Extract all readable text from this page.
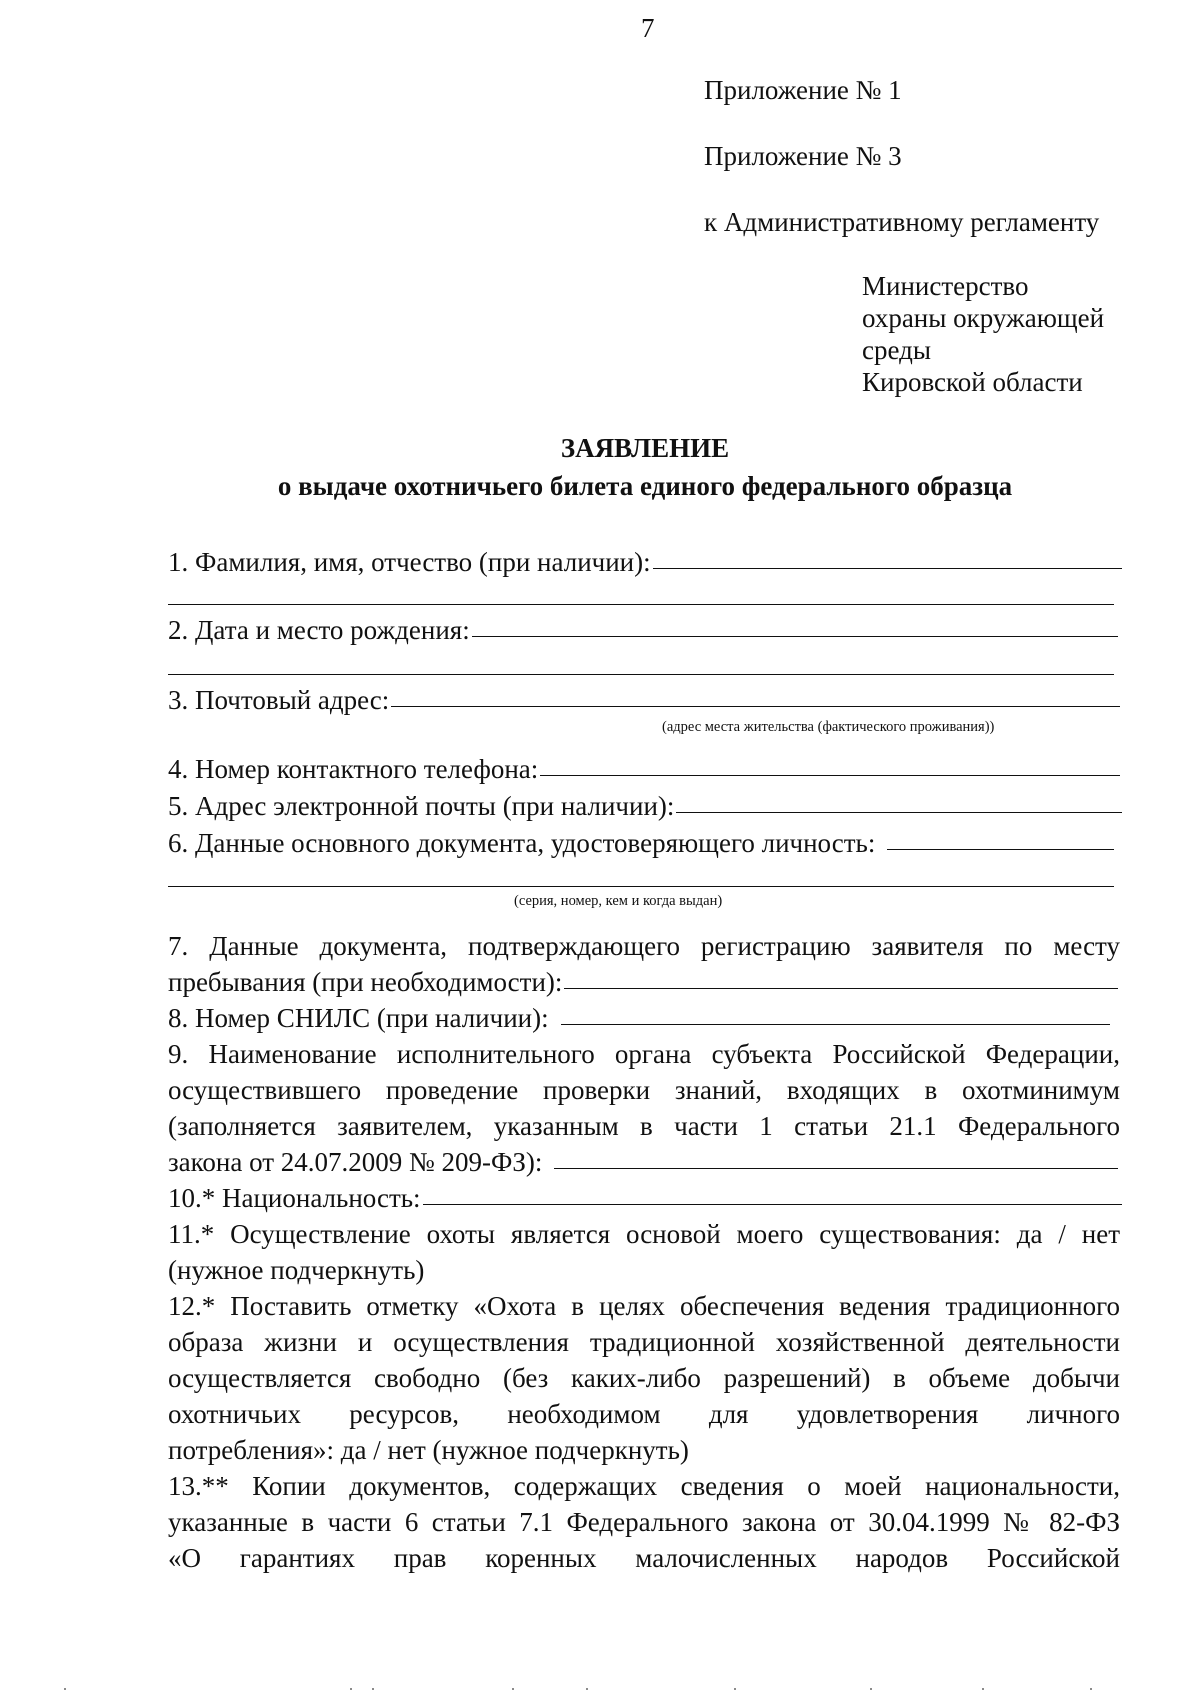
7
Приложение № 1
Приложение № 3
к Административному регламенту
Министерство
охраны окружающей
среды
Кировской области
ЗАЯВЛЕНИЕ
о выдаче охотничьего билета единого федерального образца
1. Фамилия, имя, отчество (при наличии):
2. Дата и место рождения:
3. Почтовый адрес:
(адрес места жительства (фактического проживания))
4. Номер контактного телефона:
5. Адрес электронной почты (при наличии):
6. Данные основного документа, удостоверяющего личность:
(серия, номер, кем и когда выдан)
7. Данные документа, подтверждающего регистрацию заявителя по месту
пребывания (при необходимости):
8. Номер СНИЛС (при наличии):
9. Наименование исполнительного органа субъекта Российской Федерации,
осуществившего проведение проверки знаний, входящих в охотминимум
(заполняется заявителем, указанным в части 1 статьи 21.1 Федерального
закона от 24.07.2009 № 209-ФЗ):
10.* Национальность:
11.* Осуществление охоты является основой моего существования: да / нет
(нужное подчеркнуть)
12.* Поставить отметку «Охота в целях обеспечения ведения традиционного
образа жизни и осуществления традиционной хозяйственной деятельности
осуществляется свободно (без каких-либо разрешений) в объеме добычи
охотничьих ресурсов, необходимом для удовлетворения личного
потребления»: да / нет (нужное подчеркнуть)
13.** Копии документов, содержащих сведения о моей национальности,
указанные в части 6 статьи 7.1 Федерального закона от 30.04.1999 № 82-ФЗ
«О гарантиях прав коренных малочисленных народов Российской
